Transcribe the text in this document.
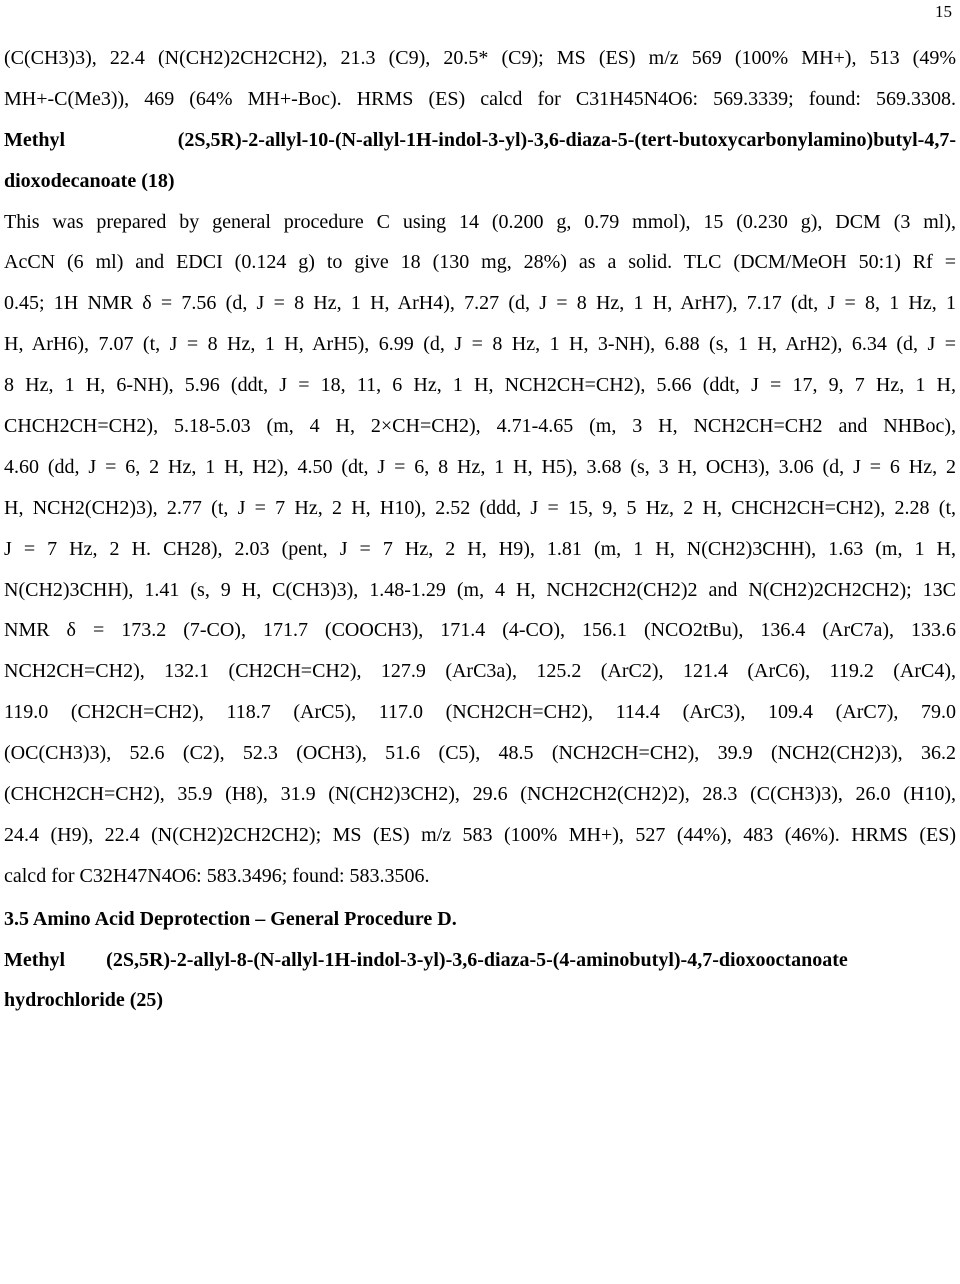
15
(C(CH3)3), 22.4 (N(CH2)2CH2CH2), 21.3 (C9), 20.5* (C9); MS (ES) m/z 569 (100% MH+), 513 (49%
MH+-C(Me3)), 469 (64% MH+-Boc). HRMS (ES) calcd for C31H45N4O6: 569.3339; found: 569.3308.
Methyl (2S,5R)-2-allyl-10-(N-allyl-1H-indol-3-yl)-3,6-diaza-5-(tert-butoxycarbonylamino)butyl-4,7-
dioxodecanoate (18)
This was prepared by general procedure C using 14 (0.200 g, 0.79 mmol), 15 (0.230 g), DCM (3 ml),
AcCN (6 ml) and EDCI (0.124 g) to give 18 (130 mg, 28%) as a solid. TLC (DCM/MeOH 50:1) Rf =
0.45; 1H NMR δ = 7.56 (d, J = 8 Hz, 1 H, ArH4), 7.27 (d, J = 8 Hz, 1 H, ArH7), 7.17 (dt, J = 8, 1 Hz, 1
H, ArH6), 7.07 (t, J = 8 Hz, 1 H, ArH5), 6.99 (d, J = 8 Hz, 1 H, 3-NH), 6.88 (s, 1 H, ArH2), 6.34 (d, J =
8 Hz, 1 H, 6-NH), 5.96 (ddt, J = 18, 11, 6 Hz, 1 H, NCH2CH=CH2), 5.66 (ddt, J = 17, 9, 7 Hz, 1 H,
CHCH2CH=CH2), 5.18-5.03 (m, 4 H, 2×CH=CH2), 4.71-4.65 (m, 3 H, NCH2CH=CH2 and NHBoc),
4.60 (dd, J = 6, 2 Hz, 1 H, H2), 4.50 (dt, J = 6, 8 Hz, 1 H, H5), 3.68 (s, 3 H, OCH3), 3.06 (d, J = 6 Hz, 2
H, NCH2(CH2)3), 2.77 (t, J = 7 Hz, 2 H, H10), 2.52 (ddd, J = 15, 9, 5 Hz, 2 H, CHCH2CH=CH2), 2.28 (t,
J = 7 Hz, 2 H. CH28), 2.03 (pent, J = 7 Hz, 2 H, H9), 1.81 (m, 1 H, N(CH2)3CHH), 1.63 (m, 1 H,
N(CH2)3CHH), 1.41 (s, 9 H, C(CH3)3), 1.48-1.29 (m, 4 H, NCH2CH2(CH2)2 and N(CH2)2CH2CH2); 13C
NMR δ = 173.2 (7-CO), 171.7 (COOCH3), 171.4 (4-CO), 156.1 (NCO2tBu), 136.4 (ArC7a), 133.6
NCH2CH=CH2), 132.1 (CH2CH=CH2), 127.9 (ArC3a), 125.2 (ArC2), 121.4 (ArC6), 119.2 (ArC4),
119.0 (CH2CH=CH2), 118.7 (ArC5), 117.0 (NCH2CH=CH2), 114.4 (ArC3), 109.4 (ArC7), 79.0
(OC(CH3)3), 52.6 (C2), 52.3 (OCH3), 51.6 (C5), 48.5 (NCH2CH=CH2), 39.9 (NCH2(CH2)3), 36.2
(CHCH2CH=CH2), 35.9 (H8), 31.9 (N(CH2)3CH2), 29.6 (NCH2CH2(CH2)2), 28.3 (C(CH3)3), 26.0 (H10),
24.4 (H9), 22.4 (N(CH2)2CH2CH2); MS (ES) m/z 583 (100% MH+), 527 (44%), 483 (46%). HRMS (ES)
calcd for C32H47N4O6: 583.3496; found: 583.3506.
3.5 Amino Acid Deprotection – General Procedure D.
Methyl (2S,5R)-2-allyl-8-(N-allyl-1H-indol-3-yl)-3,6-diaza-5-(4-aminobutyl)-4,7-dioxooctanoate
hydrochloride (25)
